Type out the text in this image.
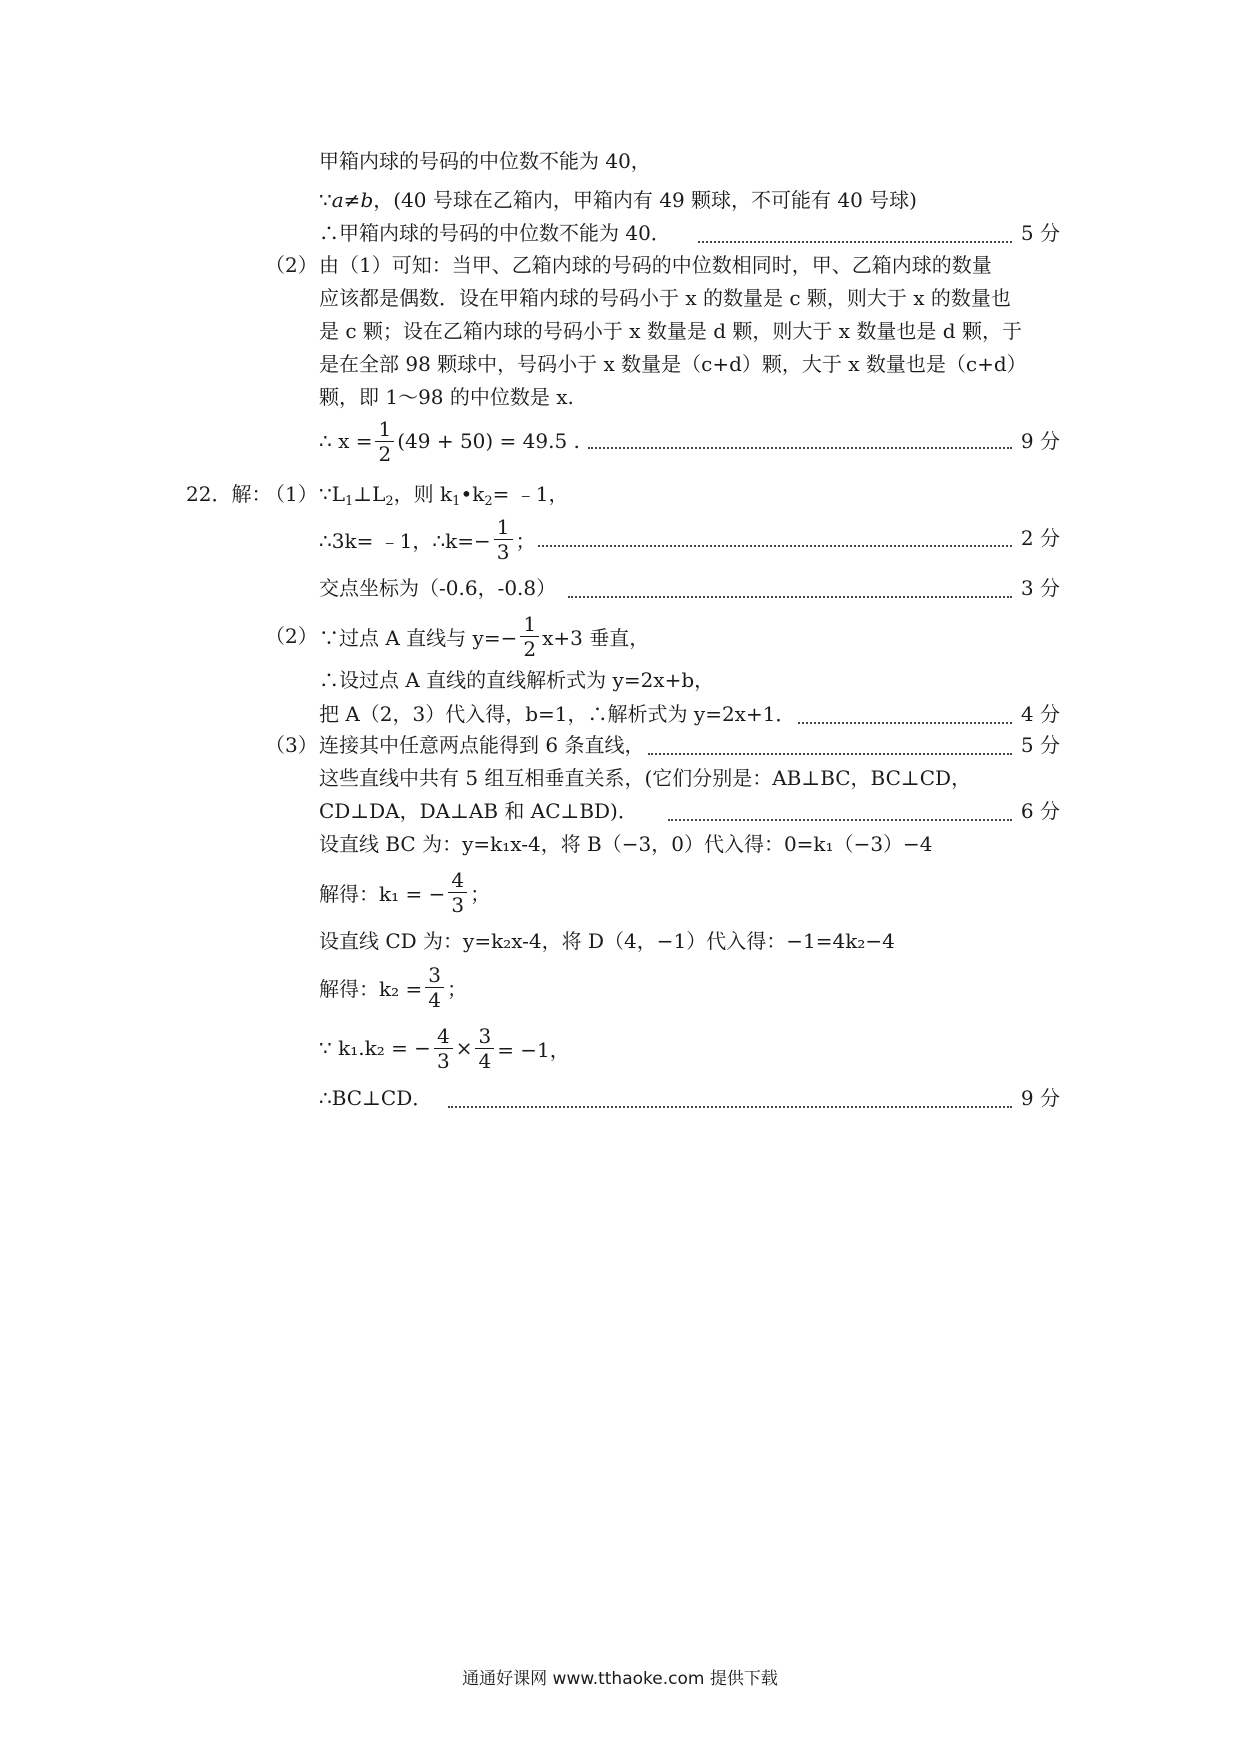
甲箱内球的号码的中位数不能为 40，
∵a≠b，(40 号球在乙箱内，甲箱内有 49 颗球，不可能有 40 号球)
∴甲箱内球的号码的中位数不能为 40．	5 分
（2） 由（1）可知：当甲、乙箱内球的号码的中位数相同时，甲、乙箱内球的数量
应该都是偶数．设在甲箱内球的号码小于 x 的数量是 c 颗，则大于 x 的数量也
是 c 颗；设在乙箱内球的号码小于 x 数量是 d 颗，则大于 x 数量也是 d 颗，于
是在全部 98 颗球中，号码小于 x 数量是（c+d）颗，大于 x 数量也是（c+d）
颗，即 1～98 的中位数是 x.
∴ $x = \frac{1}{2} (49 + 50) = 49.5$ .	9 分
22．解：
（1） $\because L_1\perp L_2$，则 $k_1•k_2=$ ﹣1，
∴3k= ﹣1，∴k=− $\frac{1}{3}$ ；	2 分
交点坐标为（-0.6，-0.8）	3 分
（2） ∵过点 A 直线与 $y=- \frac{1}{2} x+3$ 垂直，
∴设过点 A 直线的直线解析式为 y=2x+b，
把 A（2，3）代入得，b=1，∴解析式为 y=2x+1．	4 分
（3） 连接其中任意两点能得到 6 条直线，	5 分
这些直线中共有 5 组互相垂直关系，(它们分别是：AB⊥BC，BC⊥CD，
CD⊥DA，DA⊥AB 和 AC⊥BD)．	6 分
设直线 BC 为：y=k₁x-4，将 B（−3，0）代入得：0=k₁（−3）−4
解得：k₁ = − $\frac{4}{3}$ ；
设直线 CD 为：y=k₂x-4，将 D（4，−1）代入得：−1=4k₂−4
解得：$k_2 = \frac{3}{4}$ ；
∵ k₁.k₂ = − $\frac{4}{3} \times \frac{3}{4} = -1$，
∴BC⊥CD．	9 分
通通好课网 www.tthaoke.com 提供下载
